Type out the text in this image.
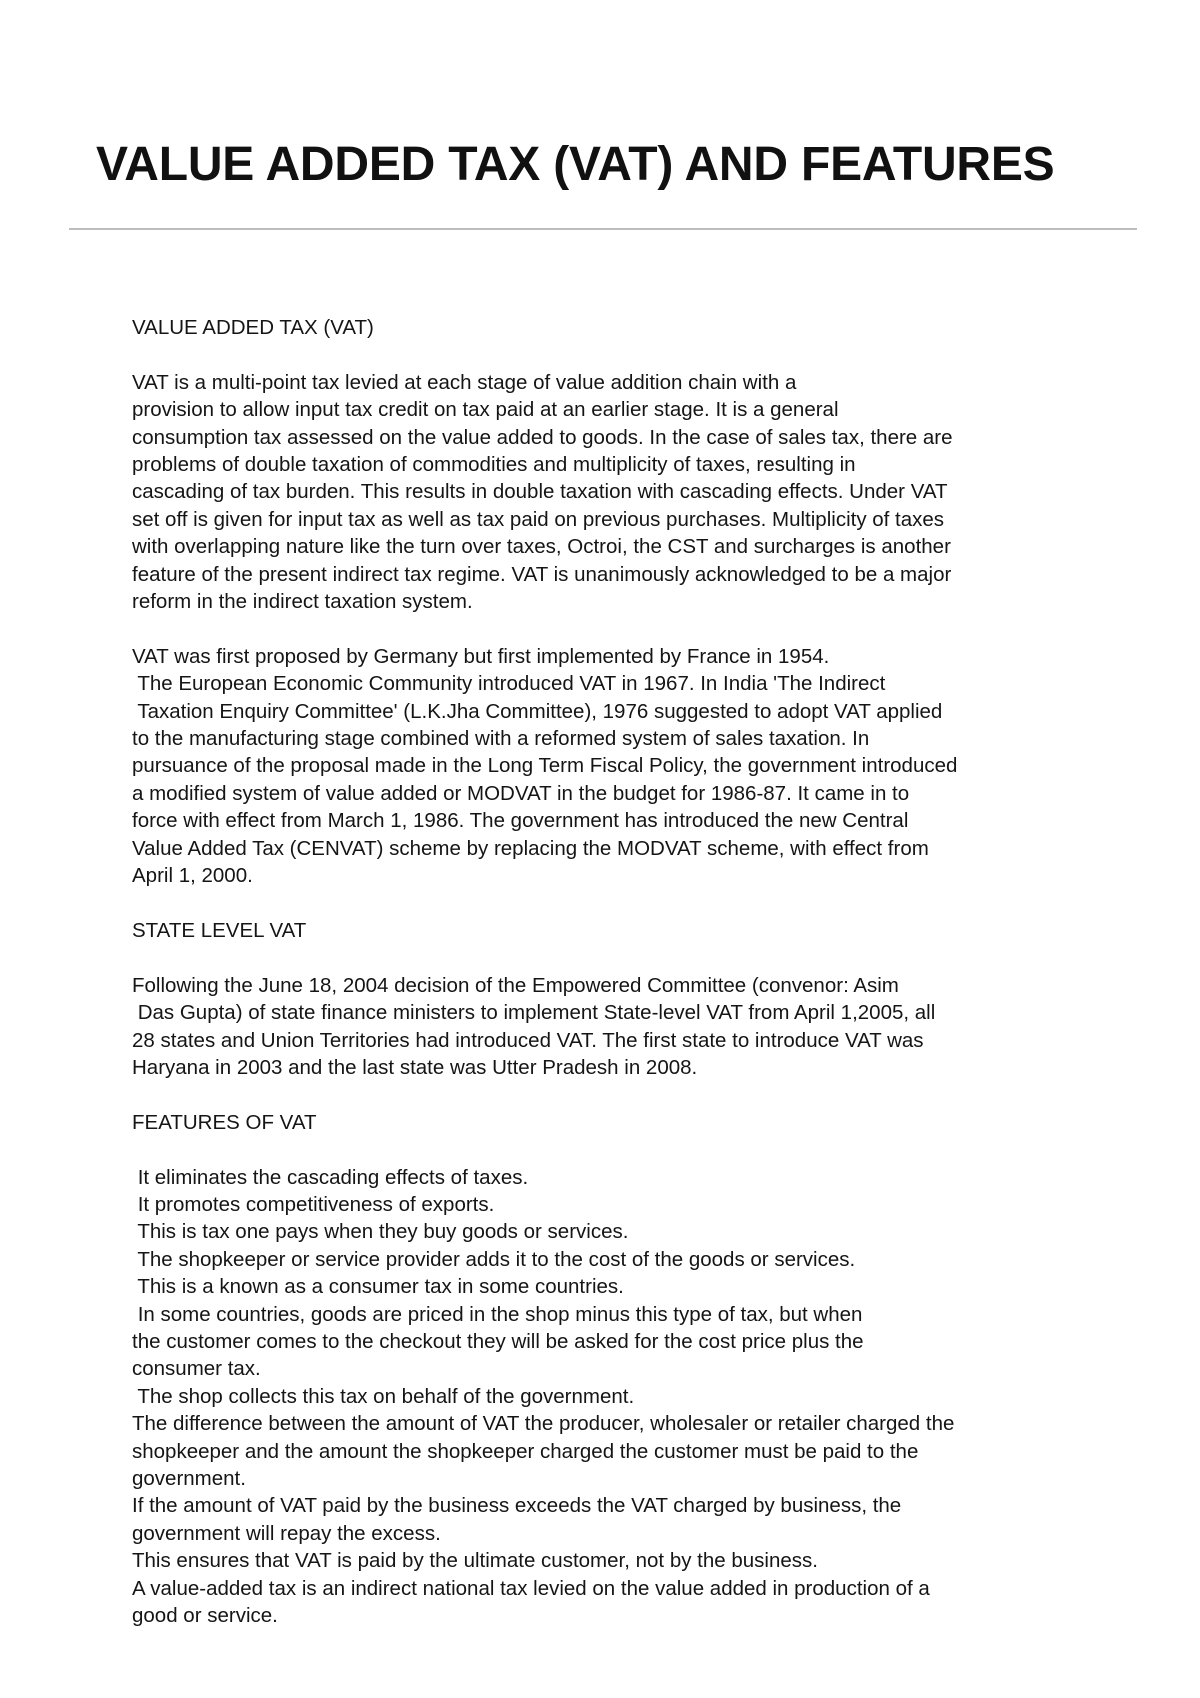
VALUE ADDED TAX (VAT) AND FEATURES

VALUE ADDED TAX (VAT)

VAT is a multi-point tax levied at each stage of value addition chain with a

provision to allow input tax credit on tax paid at an earlier stage. It is a general

consumption tax assessed on the value added to goods. In the case of sales tax, there are

problems of double taxation of commodities and multiplicity of taxes, resulting in

cascading of tax burden. This results in double taxation with cascading effects. Under VAT

set off is given for input tax as well as tax paid on previous purchases. Multiplicity of taxes

with overlapping nature like the turn over taxes, Octroi, the CST and surcharges is another

feature of the present indirect tax regime. VAT is unanimously acknowledged to be a major

reform in the indirect taxation system.

VAT was first proposed by Germany but first implemented by France in 1954.

The European Economic Community introduced VAT in 1967. In India 'The Indirect

Taxation Enquiry Committee' (L.K.Jha Committee), 1976 suggested to adopt VAT applied

to the manufacturing stage combined with a reformed system of sales taxation. In

pursuance of the proposal made in the Long Term Fiscal Policy, the government introduced

a modified system of value added or MODVAT in the budget for 1986-87. It came in to

force with effect from March 1, 1986. The government has introduced the new Central

Value Added Tax (CENVAT) scheme by replacing the MODVAT scheme, with effect from

April 1, 2000.

STATE LEVEL VAT

Following the June 18, 2004 decision of the Empowered Committee (convenor: Asim

Das Gupta) of state finance ministers to implement State-level VAT from April 1,2005, all

28 states and Union Territories had introduced VAT. The first state to introduce VAT was

Haryana in 2003 and the last state was Utter Pradesh in 2008.

FEATURES OF VAT

It eliminates the cascading effects of taxes.

It promotes competitiveness of exports.

This is tax one pays when they buy goods or services.

The shopkeeper or service provider adds it to the cost of the goods or services.

This is a known as a consumer tax in some countries.

In some countries, goods are priced in the shop minus this type of tax, but when

the customer comes to the checkout they will be asked for the cost price plus the

consumer tax.

The shop collects this tax on behalf of the government.

The difference between the amount of VAT the producer, wholesaler or retailer charged the

shopkeeper and the amount the shopkeeper charged the customer must be paid to the

government.

If the amount of VAT paid by the business exceeds the VAT charged by business, the

government will repay the excess.

This ensures that VAT is paid by the ultimate customer, not by the business.

A value-added tax is an indirect national tax levied on the value added in production of a

good or service.
